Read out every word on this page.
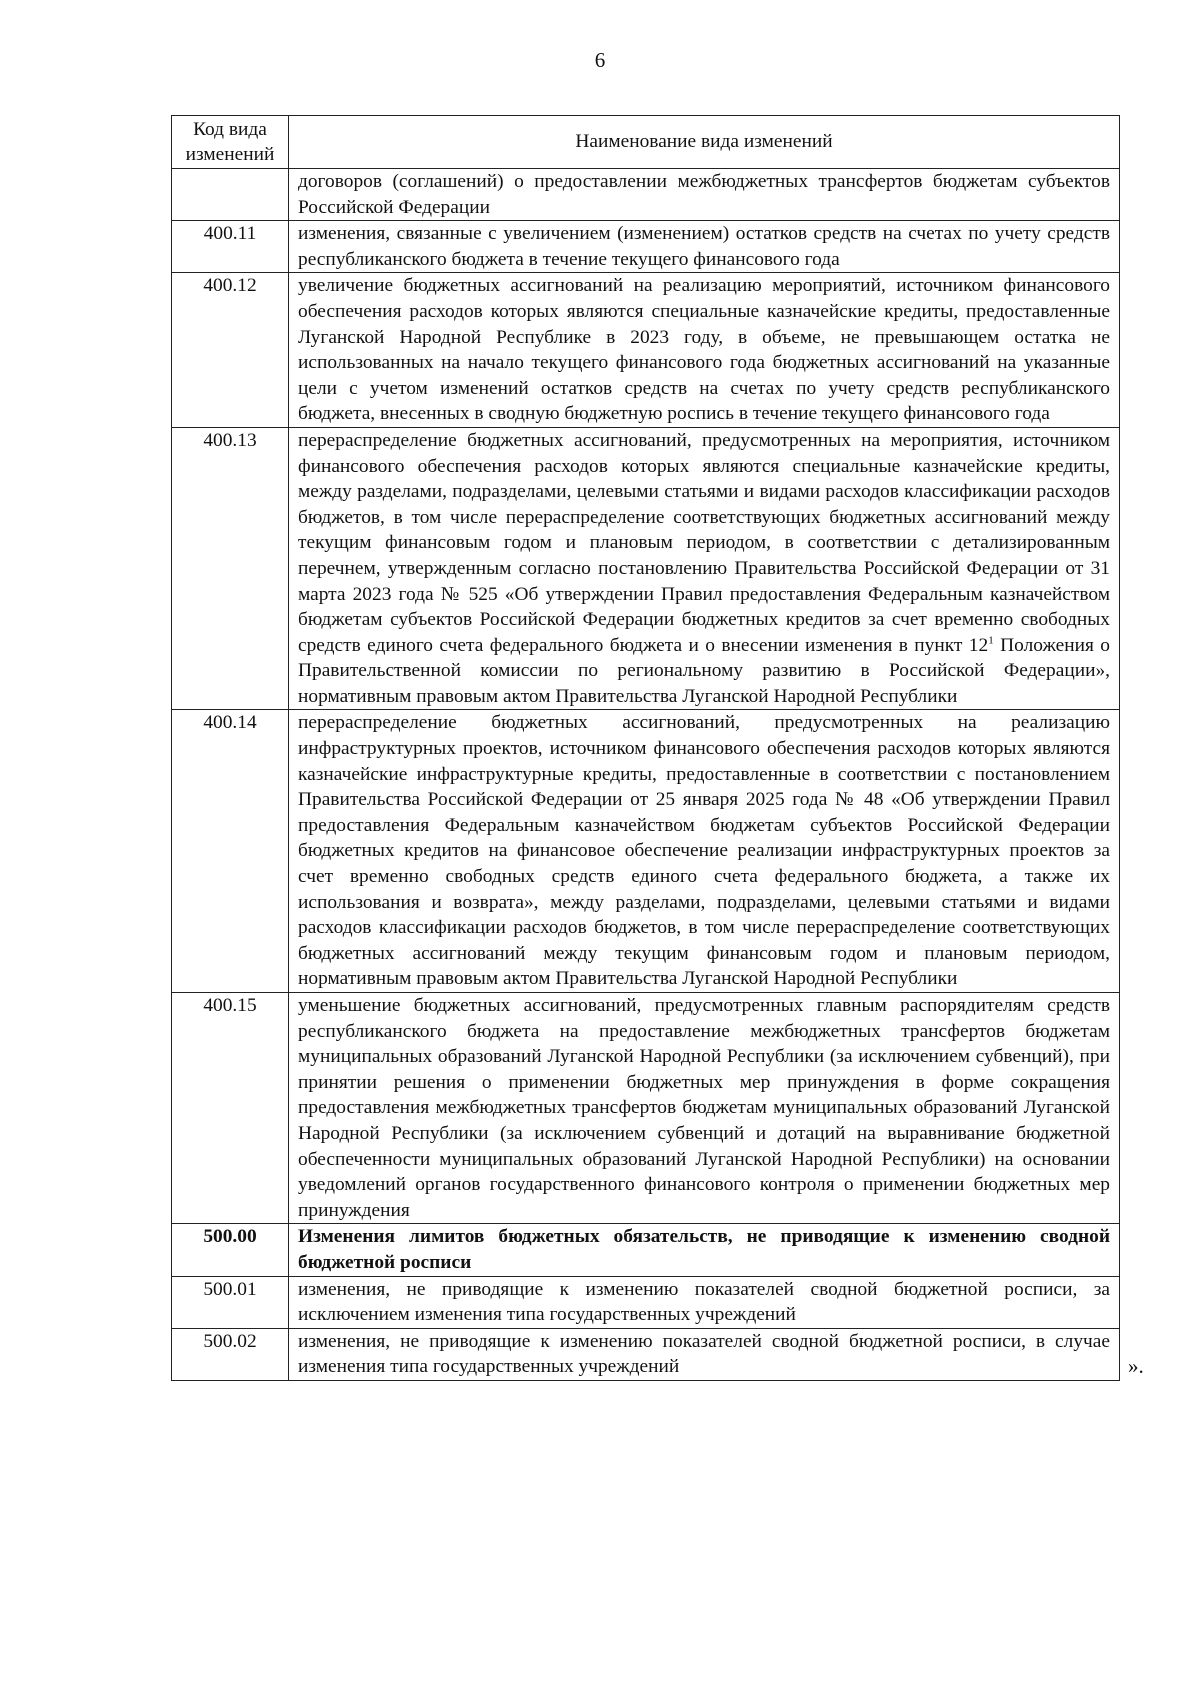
6
Код вида изменений	Наименование вида изменений
	договоров (соглашений) о предоставлении межбюджетных трансфертов бюджетам субъектов Российской Федерации
400.11	изменения, связанные с увеличением (изменением) остатков средств на счетах по учету средств республиканского бюджета в течение текущего финансового года
400.12	увеличение бюджетных ассигнований на реализацию мероприятий, источником финансового обеспечения расходов которых являются специальные казначейские кредиты, предоставленные Луганской Народной Республике в 2023 году, в объеме, не превышающем остатка не использованных на начало текущего финансового года бюджетных ассигнований на указанные цели с учетом изменений остатков средств на счетах по учету средств республиканского бюджета, внесенных в сводную бюджетную роспись в течение текущего финансового года
400.13	перераспределение бюджетных ассигнований, предусмотренных на мероприятия, источником финансового обеспечения расходов которых являются специальные казначейские кредиты, между разделами, подразделами, целевыми статьями и видами расходов классификации расходов бюджетов, в том числе перераспределение соответствующих бюджетных ассигнований между текущим финансовым годом и плановым периодом, в соответствии с детализированным перечнем, утвержденным согласно постановлению Правительства Российской Федерации от 31 марта 2023 года № 525 «Об утверждении Правил предоставления Федеральным казначейством бюджетам субъектов Российской Федерации бюджетных кредитов за счет временно свободных средств единого счета федерального бюджета и о внесении изменения в пункт $12^1$ Положения о Правительственной комиссии по региональному развитию в Российской Федерации», нормативным правовым актом Правительства Луганской Народной Республики
400.14	перераспределение бюджетных ассигнований, предусмотренных на реализацию инфраструктурных проектов, источником финансового обеспечения расходов которых являются казначейские инфраструктурные кредиты, предоставленные в соответствии с постановлением Правительства Российской Федерации от 25 января 2025 года № 48 «Об утверждении Правил предоставления Федеральным казначейством бюджетам субъектов Российской Федерации бюджетных кредитов на финансовое обеспечение реализации инфраструктурных проектов за счет временно свободных средств единого счета федерального бюджета, а также их использования и возврата», между разделами, подразделами, целевыми статьями и видами расходов классификации расходов бюджетов, в том числе перераспределение соответствующих бюджетных ассигнований между текущим финансовым годом и плановым периодом, нормативным правовым актом Правительства Луганской Народной Республики
400.15	уменьшение бюджетных ассигнований, предусмотренных главным распорядителям средств республиканского бюджета на предоставление межбюджетных трансфертов бюджетам муниципальных образований Луганской Народной Республики (за исключением субвенций), при принятии решения о применении бюджетных мер принуждения в форме сокращения предоставления межбюджетных трансфертов бюджетам муниципальных образований Луганской Народной Республики (за исключением субвенций и дотаций на выравнивание бюджетной обеспеченности муниципальных образований Луганской Народной Республики) на основании уведомлений органов государственного финансового контроля о применении бюджетных мер принуждения
500.00	Изменения лимитов бюджетных обязательств, не приводящие к изменению сводной бюджетной росписи
500.01	изменения, не приводящие к изменению показателей сводной бюджетной росписи, за исключением изменения типа государственных учреждений
500.02	изменения, не приводящие к изменению показателей сводной бюджетной росписи, в случае изменения типа государственных учреждений	».
